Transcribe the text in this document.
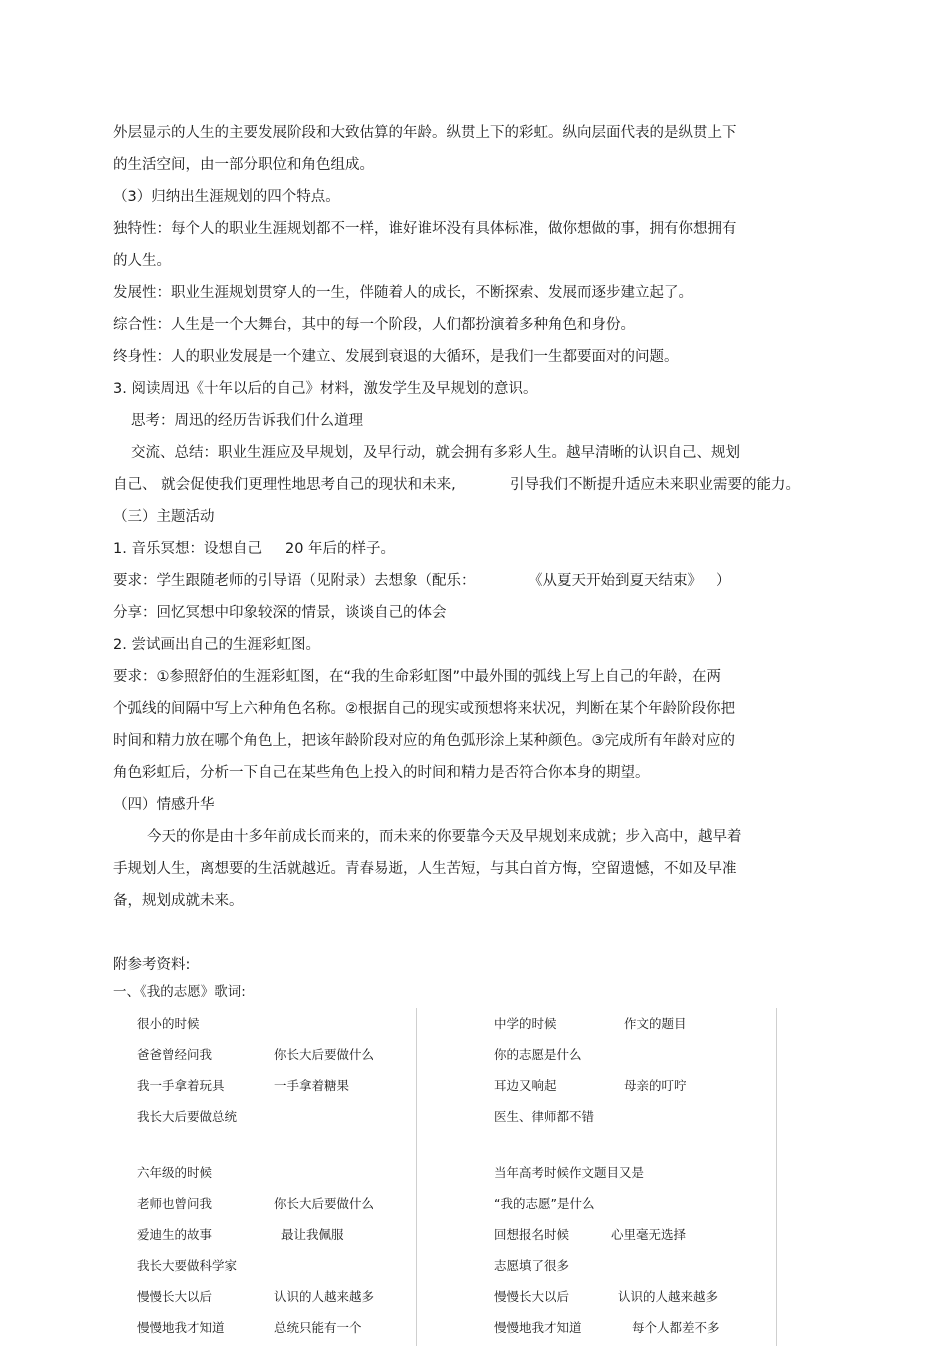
外层显示的人生的主要发展阶段和大致估算的年龄。纵贯上下的彩虹。纵向层面代表的是纵贯上下
的生活空间，由一部分职位和角色组成。
（3）归纳出生涯规划的四个特点。
独特性：每个人的职业生涯规划都不一样，谁好谁坏没有具体标准，做你想做的事，拥有你想拥有
的人生。
发展性：职业生涯规划贯穿人的一生，伴随着人的成长，不断探索、发展而逐步建立起了。
综合性：人生是一个大舞台，其中的每一个阶段，人们都扮演着多种角色和身份。
终身性：人的职业发展是一个建立、发展到衰退的大循环，是我们一生都要面对的问题。
3. 阅读周迅《十年以后的自己》材料，激发学生及早规划的意识。
思考：周迅的经历告诉我们什么道理
交流、总结：职业生涯应及早规划，及早行动，就会拥有多彩人生。越早清晰的认识自己、规划
自己、 就会促使我们更理性地思考自己的现状和未来,	引导我们不断提升适应未来职业需要的能力。
（三）主题活动
1. 音乐冥想：设想自己 20 年后的样子。
要求：学生跟随老师的引导语（见附录）去想象（配乐：	《从夏天开始到夏天结束》 ）
分享：回忆冥想中印象较深的情景，谈谈自己的体会
2. 尝试画出自己的生涯彩虹图。
要求：①参照舒伯的生涯彩虹图，在“我的生命彩虹图”中最外围的弧线上写上自己的年龄，在两
个弧线的间隔中写上六种角色名称。②根据自己的现实或预想将来状况，判断在某个年龄阶段你把
时间和精力放在哪个角色上，把该年龄阶段对应的角色弧形涂上某种颜色。③完成所有年龄对应的
角色彩虹后，分析一下自己在某些角色上投入的时间和精力是否符合你本身的期望。
（四）情感升华
今天的你是由十多年前成长而来的，而未来的你要靠今天及早规划来成就；步入高中，越早着
手规划人生，离想要的生活就越近。青春易逝，人生苦短，与其白首方悔，空留遗憾，不如及早准
备，规划成就未来。
附参考资料:
一、《我的志愿》歌词:
很小的时候
爸爸曾经问我	你长大后要做什么
我一手拿着玩具	一手拿着糖果
我长大后要做总统
六年级的时候
老师也曾问我	你长大后要做什么
爱迪生的故事	最让我佩服
我长大要做科学家
慢慢长大以后	认识的人越来越多
慢慢地我才知道	总统只能有一个
中学的时候	作文的题目
你的志愿是什么
耳边又响起	母亲的叮咛
医生、律师都不错
当年高考时候作文题目又是
“我的志愿”是什么
回想报名时候	心里毫无选择
志愿填了很多
慢慢长大以后	认识的人越来越多
慢慢地我才知道	每个人都差不多
